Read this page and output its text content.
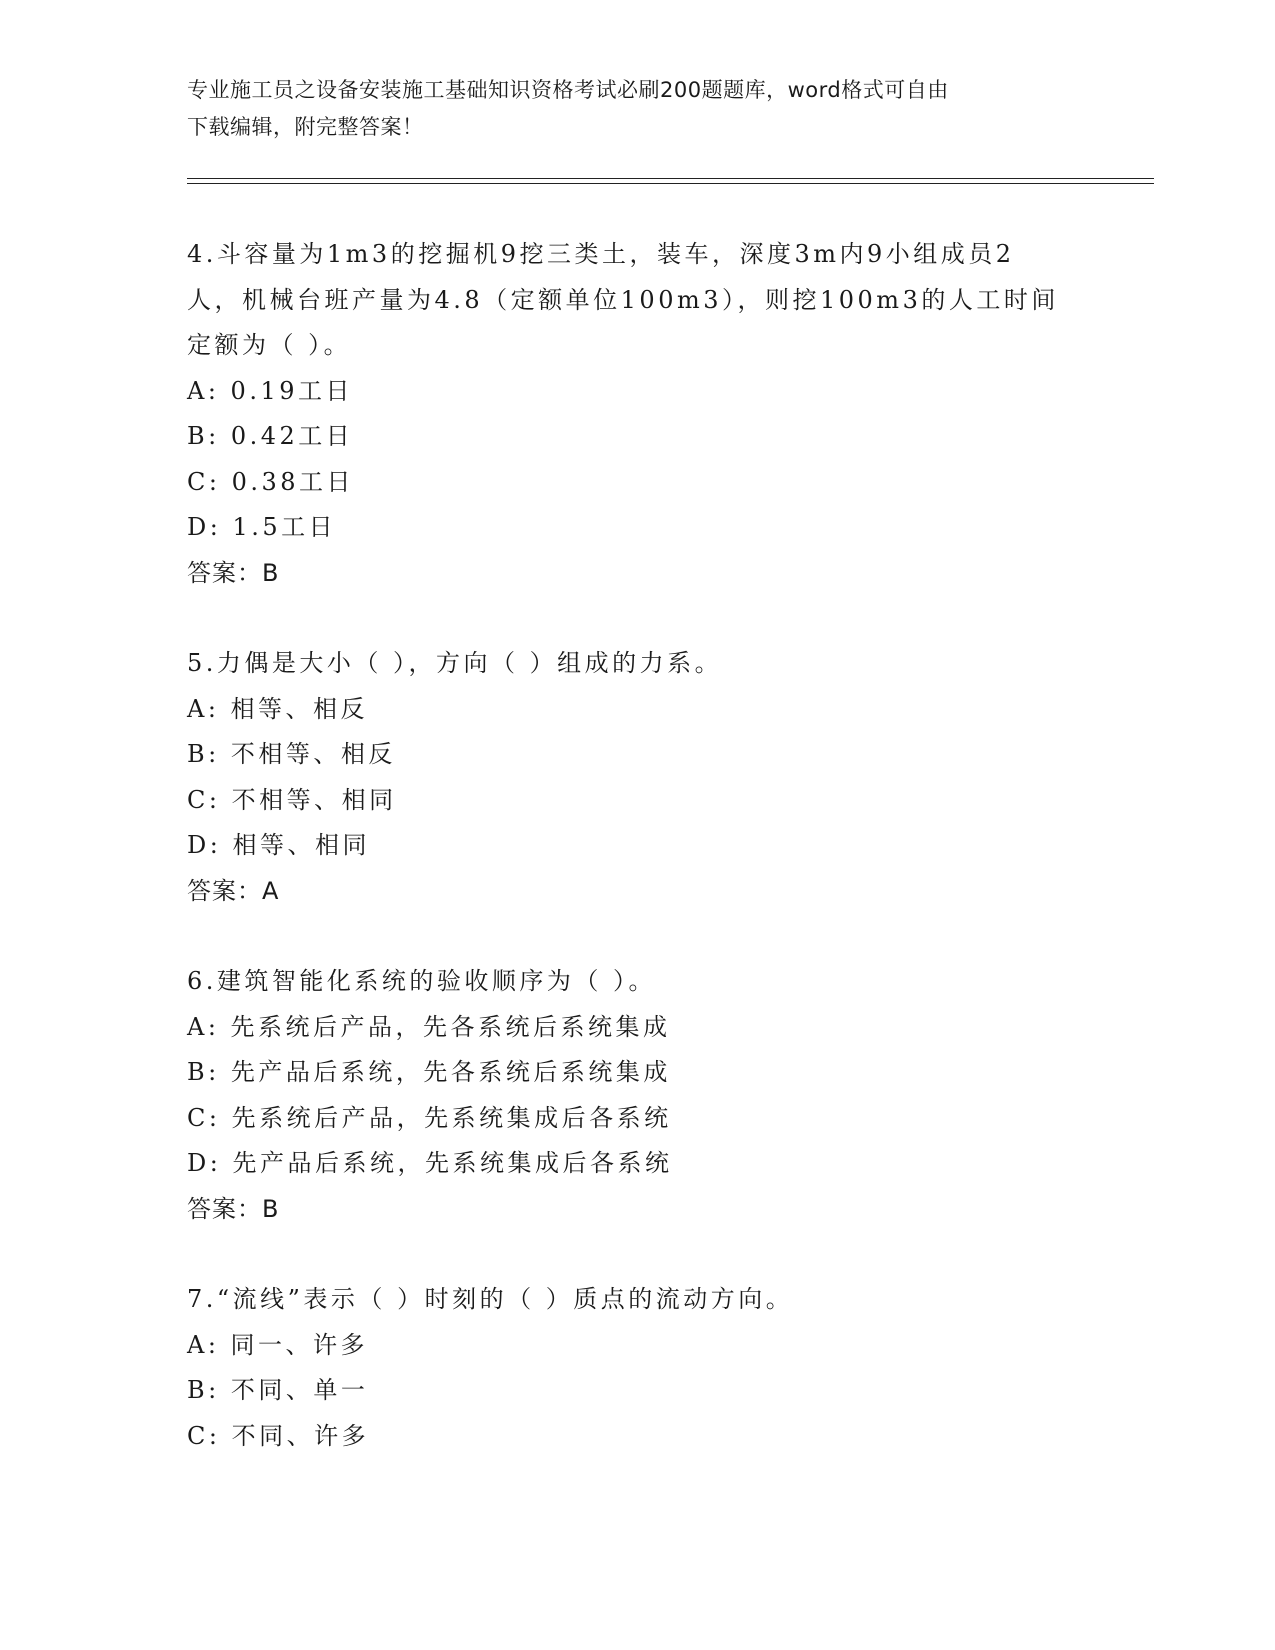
专业施工员之设备安装施工基础知识资格考试必刷200题题库，word格式可自由
下载编辑，附完整答案！
4.斗容量为1m3的挖掘机9挖三类土，装车，深度3m内9小组成员2
人，机械台班产量为4.8（定额单位100m3），则挖100m3的人工时间
定额为（ ）。
A: 0.19工日
B: 0.42工日
C: 0.38工日
D: 1.5工日
答案：B
5.力偶是大小（ ），方向（ ）组成的力系。
A: 相等、相反
B: 不相等、相反
C: 不相等、相同
D: 相等、相同
答案：A
6.建筑智能化系统的验收顺序为（ ）。
A: 先系统后产品，先各系统后系统集成
B: 先产品后系统，先各系统后系统集成
C: 先系统后产品，先系统集成后各系统
D: 先产品后系统，先系统集成后各系统
答案：B
7.“流线”表示（ ）时刻的（ ）质点的流动方向。
A: 同一、许多
B: 不同、单一
C: 不同、许多
